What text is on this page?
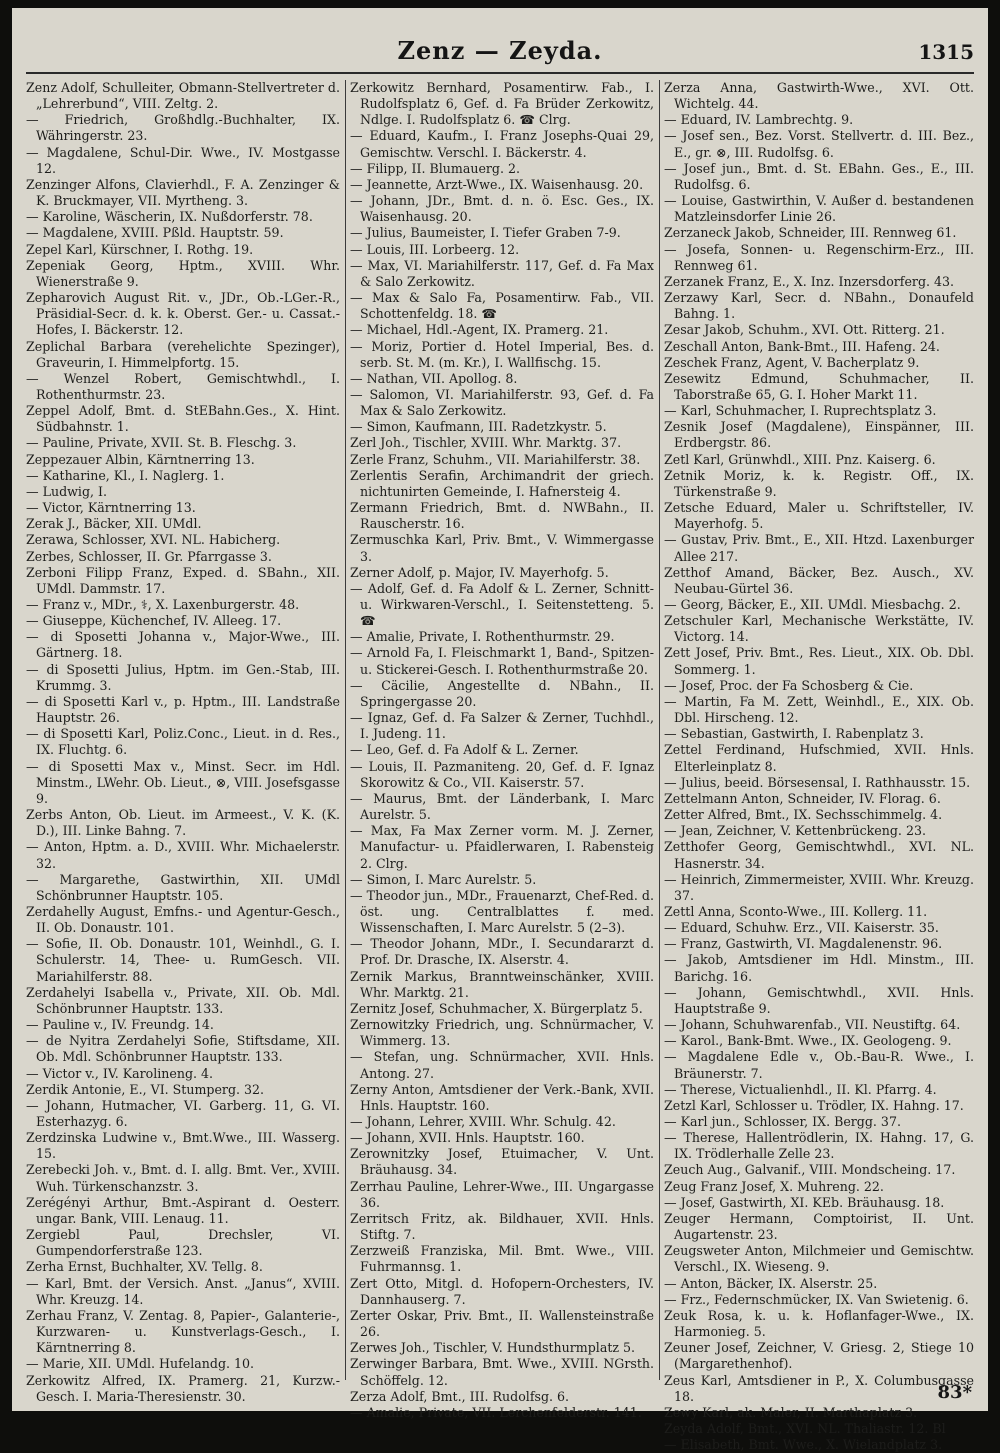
Zenz — Zeyda.	1315

Zenz Adolf, Schulleiter, Obmann-Stellvertreter d. „Lehrerbund“, VIII. Zeltg. 2.

— Friedrich, Großhdlg.-Buchhalter, IX. Währingerstr. 23.

— Magdalene, Schul-Dir. Wwe., IV. Mostgasse 12.

Zenzinger Alfons, Clavierhdl., F. A. Zenzinger & K. Bruckmayer, VII. Myrtheng. 3.

— Karoline, Wäscherin, IX. Nußdorferstr. 78.

— Magdalene, XVIII. Pßld. Hauptstr. 59.

Zepel Karl, Kürschner, I. Rothg. 19.

Zepeniak Georg, Hptm., XVIII. Whr. Wienerstraße 9.

Zepharovich August Rit. v., JDr., Ob.-LGer.-R., Präsidial-Secr. d. k. k. Oberst. Ger.- u. Cassat.-Hofes, I. Bäckerstr. 12.

Zeplichal Barbara (verehelichte Spezinger), Graveurin, I. Himmelpfortg. 15.

— Wenzel Robert, Gemischtwhdl., I. Rothenthurmstr. 23.

Zeppel Adolf, Bmt. d. StEBahn.Ges., X. Hint. Südbahnstr. 1.

— Pauline, Private, XVII. St. B. Fleschg. 3.

Zeppezauer Albin, Kärntnerring 13.

— Katharine, Kl., I. Naglerg. 1.

— Ludwig, I.

— Victor, Kärntnerring 13.

Zerak J., Bäcker, XII. UMdl.

Zerawa, Schlosser, XVI. NL. Habicherg.

Zerbes, Schlosser, II. Gr. Pfarrgasse 3.

Zerboni Filipp Franz, Exped. d. SBahn., XII. UMdl. Dammstr. 17.

— Franz v., MDr., ⚕, X. Laxenburgerstr. 48.

— Giuseppe, Küchenchef, IV. Alleeg. 17.

— di Sposetti Johanna v., Major-Wwe., III. Gärtnerg. 18.

— di Sposetti Julius, Hptm. im Gen.-Stab, III. Krummg. 3.

— di Sposetti Karl v., p. Hptm., III. Landstraße Hauptstr. 26.

— di Sposetti Karl, Poliz.Conc., Lieut. in d. Res., IX. Fluchtg. 6.

— di Sposetti Max v., Minst. Secr. im Hdl. Minstm., LWehr. Ob. Lieut., ⊗, VIII. Josefsgasse 9.

Zerbs Anton, Ob. Lieut. im Armeest., V. K. (K. D.), III. Linke Bahng. 7.

— Anton, Hptm. a. D., XVIII. Whr. Michaelerstr. 32.

— Margarethe, Gastwirthin, XII. UMdl Schönbrunner Hauptstr. 105.

Zerdahelly August, Emfns.- und Agentur-Gesch., II. Ob. Donaustr. 101.

— Sofie, II. Ob. Donaustr. 101, Weinhdl., G. I. Schulerstr. 14, Thee- u. RumGesch. VII. Mariahilferstr. 88.

Zerdahelyi Isabella v., Private, XII. Ob. Mdl. Schönbrunner Hauptstr. 133.

— Pauline v., IV. Freundg. 14.

— de Nyitra Zerdahelyi Sofie, Stiftsdame, XII. Ob. Mdl. Schönbrunner Hauptstr. 133.

— Victor v., IV. Karolineng. 4.

Zerdik Antonie, E., VI. Stumperg. 32.

— Johann, Hutmacher, VI. Garberg. 11, G. VI. Esterhazyg. 6.

Zerdzinska Ludwine v., Bmt.Wwe., III. Wasserg. 15.

Zerebecki Joh. v., Bmt. d. I. allg. Bmt. Ver., XVIII. Wuh. Türkenschanzstr. 3.

Zerégényi Arthur, Bmt.-Aspirant d. Oesterr. ungar. Bank, VIII. Lenaug. 11.

Zergiebl Paul, Drechsler, VI. Gumpendorferstraße 123.

Zerha Ernst, Buchhalter, XV. Tellg. 8.

— Karl, Bmt. der Versich. Anst. „Janus“, XVIII. Whr. Kreuzg. 14.

Zerhau Franz, V. Zentag. 8, Papier-, Galanterie-, Kurzwaren- u. Kunstverlags-Gesch., I. Kärntnerring 8.

— Marie, XII. UMdl. Hufelandg. 10.

Zerkowitz Alfred, IX. Pramerg. 21, Kurzw.-Gesch. I. Maria-Theresienstr. 30.

Zerkowitz Bernhard, Posamentirw. Fab., I. Rudolfsplatz 6, Gef. d. Fa Brüder Zerkowitz, Ndlge. I. Rudolfsplatz 6. ☎ Clrg.

— Eduard, Kaufm., I. Franz Josephs-Quai 29, Gemischtw. Verschl. I. Bäckerstr. 4.

— Filipp, II. Blumauerg. 2.

— Jeannette, Arzt-Wwe., IX. Waisenhausg. 20.

— Johann, JDr., Bmt. d. n. ö. Esc. Ges., IX. Waisenhausg. 20.

— Julius, Baumeister, I. Tiefer Graben 7-9.

— Louis, III. Lorbeerg. 12.

— Max, VI. Mariahilferstr. 117, Gef. d. Fa Max & Salo Zerkowitz.

— Max & Salo Fa, Posamentirw. Fab., VII. Schottenfeldg. 18. ☎

— Michael, Hdl.-Agent, IX. Pramerg. 21.

— Moriz, Portier d. Hotel Imperial, Bes. d. serb. St. M. (m. Kr.), I. Wallfischg. 15.

— Nathan, VII. Apollog. 8.

— Salomon, VI. Mariahilferstr. 93, Gef. d. Fa Max & Salo Zerkowitz.

— Simon, Kaufmann, III. Radetzkystr. 5.

Zerl Joh., Tischler, XVIII. Whr. Marktg. 37.

Zerle Franz, Schuhm., VII. Mariahilferstr. 38.

Zerlentis Serafin, Archimandrit der griech. nichtunirten Gemeinde, I. Hafnersteig 4.

Zermann Friedrich, Bmt. d. NWBahn., II. Rauscherstr. 16.

Zermuschka Karl, Priv. Bmt., V. Wimmergasse 3.

Zerner Adolf, p. Major, IV. Mayerhofg. 5.

— Adolf, Gef. d. Fa Adolf & L. Zerner, Schnitt- u. Wirkwaren-Verschl., I. Seitenstetteng. 5. ☎

— Amalie, Private, I. Rothenthurmstr. 29.

— Arnold Fa, I. Fleischmarkt 1, Band-, Spitzen- u. Stickerei-Gesch. I. Rothenthurmstraße 20.

— Cäcilie, Angestellte d. NBahn., II. Springergasse 20.

— Ignaz, Gef. d. Fa Salzer & Zerner, Tuchhdl., I. Judeng. 11.

— Leo, Gef. d. Fa Adolf & L. Zerner.

— Louis, II. Pazmaniteng. 20, Gef. d. F. Ignaz Skorowitz & Co., VII. Kaiserstr. 57.

— Maurus, Bmt. der Länderbank, I. Marc Aurelstr. 5.

— Max, Fa Max Zerner vorm. M. J. Zerner, Manufactur- u. Pfaidlerwaren, I. Rabensteig 2. Clrg.

— Simon, I. Marc Aurelstr. 5.

— Theodor jun., MDr., Frauenarzt, Chef-Red. d. öst. ung. Centralblattes f. med. Wissenschaften, I. Marc Aurelstr. 5 (2–3).

— Theodor Johann, MDr., I. Secundararzt d. Prof. Dr. Drasche, IX. Alserstr. 4.

Zernik Markus, Branntweinschänker, XVIII. Whr. Marktg. 21.

Zernitz Josef, Schuhmacher, X. Bürgerplatz 5.

Zernowitzky Friedrich, ung. Schnürmacher, V. Wimmerg. 13.

— Stefan, ung. Schnürmacher, XVII. Hnls. Antong. 27.

Zerny Anton, Amtsdiener der Verk.-Bank, XVII. Hnls. Hauptstr. 160.

— Johann, Lehrer, XVIII. Whr. Schulg. 42.

— Johann, XVII. Hnls. Hauptstr. 160.

Zerownitzky Josef, Etuimacher, V. Unt. Bräuhausg. 34.

Zerrhau Pauline, Lehrer-Wwe., III. Ungargasse 36.

Zerritsch Fritz, ak. Bildhauer, XVII. Hnls. Stiftg. 7.

Zerzweiß Franziska, Mil. Bmt. Wwe., VIII. Fuhrmannsg. 1.

Zert Otto, Mitgl. d. Hofopern-Orchesters, IV. Dannhauserg. 7.

Zerter Oskar, Priv. Bmt., II. Wallensteinstraße 26.

Zerwes Joh., Tischler, V. Hundsthurmplatz 5.

Zerwinger Barbara, Bmt. Wwe., XVIII. NGrsth. Schöffelg. 12.

Zerza Adolf, Bmt., III. Rudolfsg. 6.

— Amalie, Private, VII. Lerchenfelderstr. 141.

Zerza Anna, Gastwirth-Wwe., XVI. Ott. Wichtelg. 44.

— Eduard, IV. Lambrechtg. 9.

— Josef sen., Bez. Vorst. Stellvertr. d. III. Bez., E., gr. ⊗, III. Rudolfsg. 6.

— Josef jun., Bmt. d. St. EBahn. Ges., E., III. Rudolfsg. 6.

— Louise, Gastwirthin, V. Außer d. bestandenen Matzleinsdorfer Linie 26.

Zerzaneck Jakob, Schneider, III. Rennweg 61.

— Josefa, Sonnen- u. Regenschirm-Erz., III. Rennweg 61.

Zerzanek Franz, E., X. Inz. Inzersdorferg. 43.

Zerzawy Karl, Secr. d. NBahn., Donaufeld Bahng. 1.

Zesar Jakob, Schuhm., XVI. Ott. Ritterg. 21.

Zeschall Anton, Bank-Bmt., III. Hafeng. 24.

Zeschek Franz, Agent, V. Bacherplatz 9.

Zesewitz Edmund, Schuhmacher, II. Taborstraße 65, G. I. Hoher Markt 11.

— Karl, Schuhmacher, I. Ruprechtsplatz 3.

Zesnik Josef (Magdalene), Einspänner, III. Erdbergstr. 86.

Zetl Karl, Grünwhdl., XIII. Pnz. Kaiserg. 6.

Zetnik Moriz, k. k. Registr. Off., IX. Türkenstraße 9.

Zetsche Eduard, Maler u. Schriftsteller, IV. Mayerhofg. 5.

— Gustav, Priv. Bmt., E., XII. Htzd. Laxenburger Allee 217.

Zetthof Amand, Bäcker, Bez. Ausch., XV. Neubau-Gürtel 36.

— Georg, Bäcker, E., XII. UMdl. Miesbachg. 2.

Zetschuler Karl, Mechanische Werkstätte, IV. Victorg. 14.

Zett Josef, Priv. Bmt., Res. Lieut., XIX. Ob. Dbl. Sommerg. 1.

— Josef, Proc. der Fa Schosberg & Cie.

— Martin, Fa M. Zett, Weinhdl., E., XIX. Ob. Dbl. Hirscheng. 12.

— Sebastian, Gastwirth, I. Rabenplatz 3.

Zettel Ferdinand, Hufschmied, XVII. Hnls. Elterleinplatz 8.

— Julius, beeid. Börsesensal, I. Rathhausstr. 15.

Zettelmann Anton, Schneider, IV. Florag. 6.

Zetter Alfred, Bmt., IX. Sechsschimmelg. 4.

— Jean, Zeichner, V. Kettenbrückeng. 23.

Zetthofer Georg, Gemischtwhdl., XVI. NL. Hasnerstr. 34.

— Heinrich, Zimmermeister, XVIII. Whr. Kreuzg. 37.

Zettl Anna, Sconto-Wwe., III. Kollerg. 11.

— Eduard, Schuhw. Erz., VII. Kaiserstr. 35.

— Franz, Gastwirth, VI. Magdalenenstr. 96.

— Jakob, Amtsdiener im Hdl. Minstm., III. Barichg. 16.

— Johann, Gemischtwhdl., XVII. Hnls. Hauptstraße 9.

— Johann, Schuhwarenfab., VII. Neustiftg. 64.

— Karol., Bank-Bmt. Wwe., IX. Geologeng. 9.

— Magdalene Edle v., Ob.-Bau-R. Wwe., I. Bräunerstr. 7.

— Therese, Victualienhdl., II. Kl. Pfarrg. 4.

Zetzl Karl, Schlosser u. Trödler, IX. Hahng. 17.

— Karl jun., Schlosser, IX. Bergg. 37.

— Therese, Hallentrödlerin, IX. Hahng. 17, G. IX. Trödlerhalle Zelle 23.

Zeuch Aug., Galvanif., VIII. Mondscheing. 17.

Zeug Franz Josef, X. Muhreng. 22.

— Josef, Gastwirth, XI. KEb. Bräuhausg. 18.

Zeuger Hermann, Comptoirist, II. Unt. Augartenstr. 23.

Zeugsweter Anton, Milchmeier und Gemischtw. Verschl., IX. Wieseng. 9.

— Anton, Bäcker, IX. Alserstr. 25.

— Frz., Federnschmücker, IX. Van Swietenig. 6.

Zeuk Rosa, k. u. k. Hoflanfager-Wwe., IX. Harmonieg. 5.

Zeuner Josef, Zeichner, V. Griesg. 2, Stiege 10 (Margarethenhof).

Zeus Karl, Amtsdiener in P., X. Columbusgasse 18.

Zewy Karl, ak. Maler, II. Marthaplatz 3.

Zeyda Adolf, Bmt., XVI. NL. Thaliastr. 12. Bl

— Elisabeth, Bmt. Wwe., X. Wielandplatz 3.

83*
